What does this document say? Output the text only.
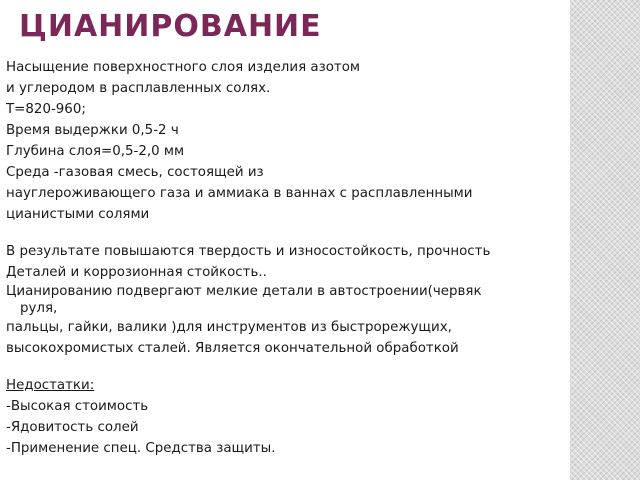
ЦИАНИРОВАНИЕ
Насыщение поверхностного слоя изделия азотом
и углеродом в расплавленных солях.
Т=820-960;
Время выдержки 0,5-2 ч
Глубина слоя=0,5-2,0 мм
Среда -газовая смесь, состоящей из
науглероживающего газа и аммиака в ваннах с расплавленными
цианистыми солями
В результате повышаются твердость и износостойкость, прочность
Деталей и коррозионная стойкость..
Цианированию подвергают мелкие детали в автостроении(червяк
руля,
пальцы, гайки, валики )для инструментов из быстрорежущих,
высокохромистых сталей. Является окончательной обработкой
Недостатки:
-Высокая стоимость
-Ядовитость солей
-Применение спец. Средства защиты.
